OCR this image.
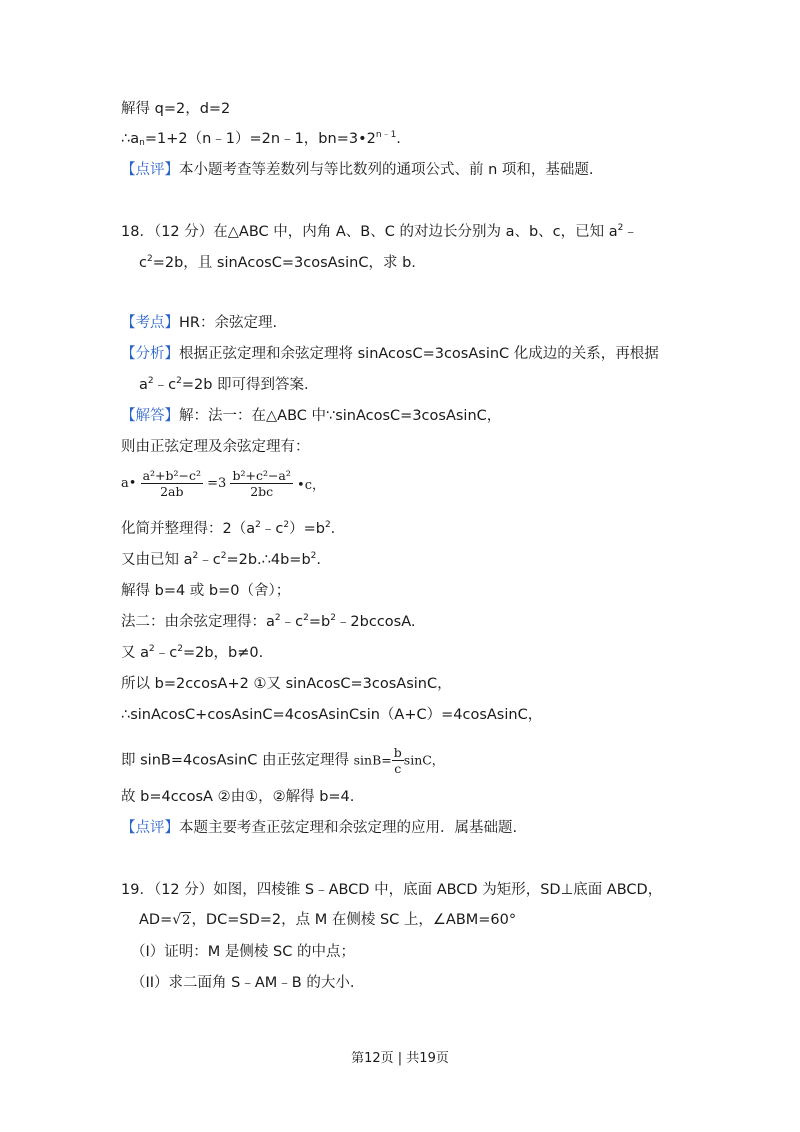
解得 q=2，d=2
$\therefore a_n=1+2(n﹣1)=2n﹣1$，$bn=3•2^{n﹣1}$.
【点评】本小题考查等差数列与等比数列的通项公式、前 n 项和，基础题.
18．（12 分）在△ABC 中，内角 A、B、C 的对边长分别为 a、b、c，已知 $a^2﹣$
$c^2=2b$，且 sinAcosC=3cosAsinC，求 b.
【考点】HR：余弦定理.
【分析】根据正弦定理和余弦定理将 sinAcosC=3cosAsinC 化成边的关系，再根据
$a^2﹣c^2=2b$ 即可得到答案.
【解答】解：法一：在△ABC 中∵sinAcosC=3cosAsinC，
则由正弦定理及余弦定理有：
a• $\frac{\text{a²+b²−c²}}{2ab} =3 \frac{\text{b²+c²−a²}}{2bc}$ •c，
化简并整理得：$2(a^2﹣c^2)=b^2$.
又由已知 $a^2﹣c^2=2b.\therefore 4b=b^2$.
解得 b=4 或 b=0（舍）；
法二：由余弦定理得：$a^2﹣c^2=b^2﹣2bccosA$.
又 $a^2﹣c^2=2b$，b≠0.
所以 b=2ccosA+2 ①又 sinAcosC=3cosAsinC，
∴sinAcosC+cosAsinC=4cosAsinCsin（A+C）=4cosAsinC，
即 sinB=4cosAsinC 由正弦定理得 $\sin B= \frac{b}{c}$ sinC，
故 b=4ccosA ②由①，②解得 b=4.
【点评】本题主要考查正弦定理和余弦定理的应用．属基础题.
19．（12 分）如图，四棱锥 S﹣ABCD 中，底面 ABCD 为矩形，SD⊥底面 ABCD，
AD=√2，DC=SD=2，点 M 在侧棱 SC 上，∠ABM=60°
（I）证明：M 是侧棱 SC 的中点；
（II）求二面角 S﹣AM﹣B 的大小.
第12页 | 共19页
